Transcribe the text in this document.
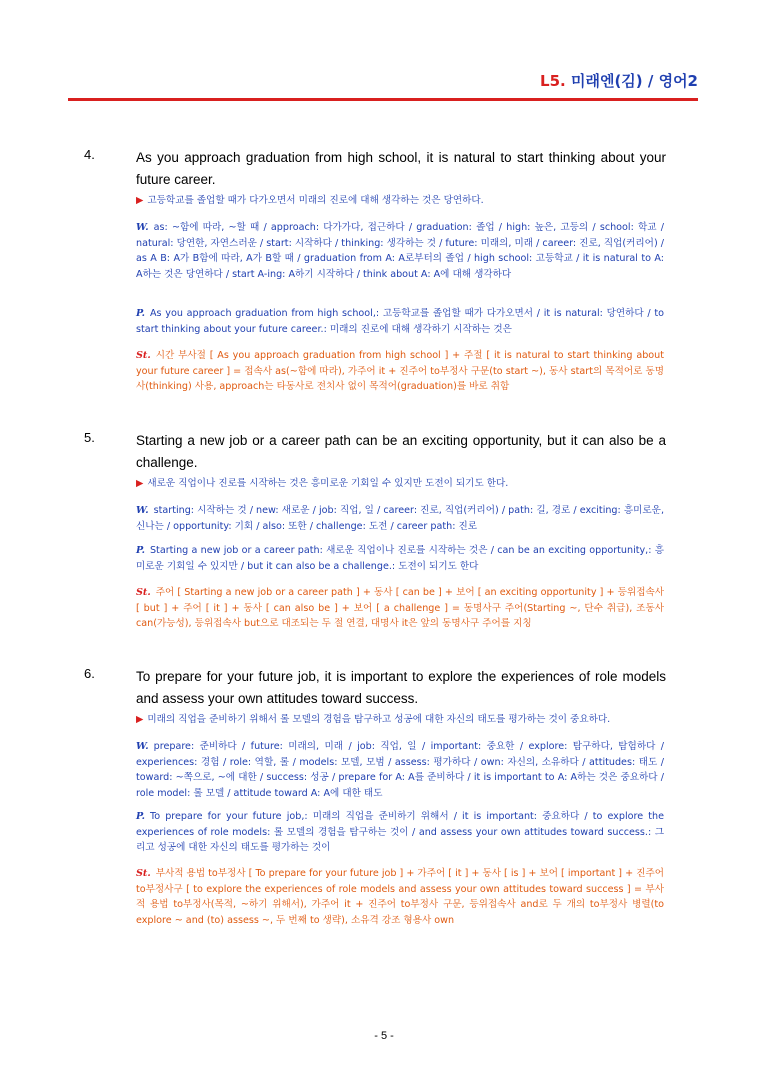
L5. 미래엔(김) / 영어2
4.	As you approach graduation from high school, it is natural to start thinking about your future career.
▶ 고등학교를 졸업할 때가 다가오면서 미래의 진로에 대해 생각하는 것은 당연하다.
W. as: ~함에 따라, ~할 때 / approach: 다가가다, 접근하다 / graduation: 졸업 / high: 높은, 고등의 / school: 학교 / natural: 당연한, 자연스러운 / start: 시작하다 / thinking: 생각하는 것 / future: 미래의, 미래 / career: 진로, 직업(커리어) / as A B: A가 B함에 따라, A가 B할 때 / graduation from A: A로부터의 졸업 / high school: 고등학교 / it is natural to A: A하는 것은 당연하다 / start A-ing: A하기 시작하다 / think about A: A에 대해 생각하다
P. As you approach graduation from high school,: 고등학교를 졸업할 때가 다가오면서 / it is natural: 당연하다 / to start thinking about your future career.: 미래의 진로에 대해 생각하기 시작하는 것은
St. 시간 부사절 [ As you approach graduation from high school ] + 주절 [ it is natural to start thinking about your future career ] = 접속사 as(~함에 따라), 가주어 it + 진주어 to부정사 구문(to start ~), 동사 start의 목적어로 동명사(thinking) 사용, approach는 타동사로 전치사 없이 목적어(graduation)를 바로 취함
5.	Starting a new job or a career path can be an exciting opportunity, but it can also be a challenge.
▶ 새로운 직업이나 진로를 시작하는 것은 흥미로운 기회일 수 있지만 도전이 되기도 한다.
W. starting: 시작하는 것 / new: 새로운 / job: 직업, 일 / career: 진로, 직업(커리어) / path: 길, 경로 / exciting: 흥미로운, 신나는 / opportunity: 기회 / also: 또한 / challenge: 도전 / career path: 진로
P. Starting a new job or a career path: 새로운 직업이나 진로를 시작하는 것은 / can be an exciting opportunity,: 흥미로운 기회일 수 있지만 / but it can also be a challenge.: 도전이 되기도 한다
St. 주어 [ Starting a new job or a career path ] + 동사 [ can be ] + 보어 [ an exciting opportunity ] + 등위접속사 [ but ] + 주어 [ it ] + 동사 [ can also be ] + 보어 [ a challenge ] = 동명사구 주어(Starting ~, 단수 취급), 조동사 can(가능성), 등위접속사 but으로 대조되는 두 절 연결, 대명사 it은 앞의 동명사구 주어를 지칭
6.	To prepare for your future job, it is important to explore the experiences of role models and assess your own attitudes toward success.
▶ 미래의 직업을 준비하기 위해서 롤 모델의 경험을 탐구하고 성공에 대한 자신의 태도를 평가하는 것이 중요하다.
W. prepare: 준비하다 / future: 미래의, 미래 / job: 직업, 일 / important: 중요한 / explore: 탐구하다, 탐험하다 / experiences: 경험 / role: 역할, 롤 / models: 모델, 모범 / assess: 평가하다 / own: 자신의, 소유하다 / attitudes: 태도 / toward: ~쪽으로, ~에 대한 / success: 성공 / prepare for A: A를 준비하다 / it is important to A: A하는 것은 중요하다 / role model: 롤 모델 / attitude toward A: A에 대한 태도
P. To prepare for your future job,: 미래의 직업을 준비하기 위해서 / it is important: 중요하다 / to explore the experiences of role models: 롤 모델의 경험을 탐구하는 것이 / and assess your own attitudes toward success.: 그리고 성공에 대한 자신의 태도를 평가하는 것이
St. 부사적 용법 to부정사 [ To prepare for your future job ] + 가주어 [ it ] + 동사 [ is ] + 보어 [ important ] + 진주어 to부정사구 [ to explore the experiences of role models and assess your own attitudes toward success ] = 부사적 용법 to부정사(목적, ~하기 위해서), 가주어 it + 진주어 to부정사 구문, 등위접속사 and로 두 개의 to부정사 병렬(to explore ~ and (to) assess ~, 두 번째 to 생략), 소유격 강조 형용사 own
- 5 -
